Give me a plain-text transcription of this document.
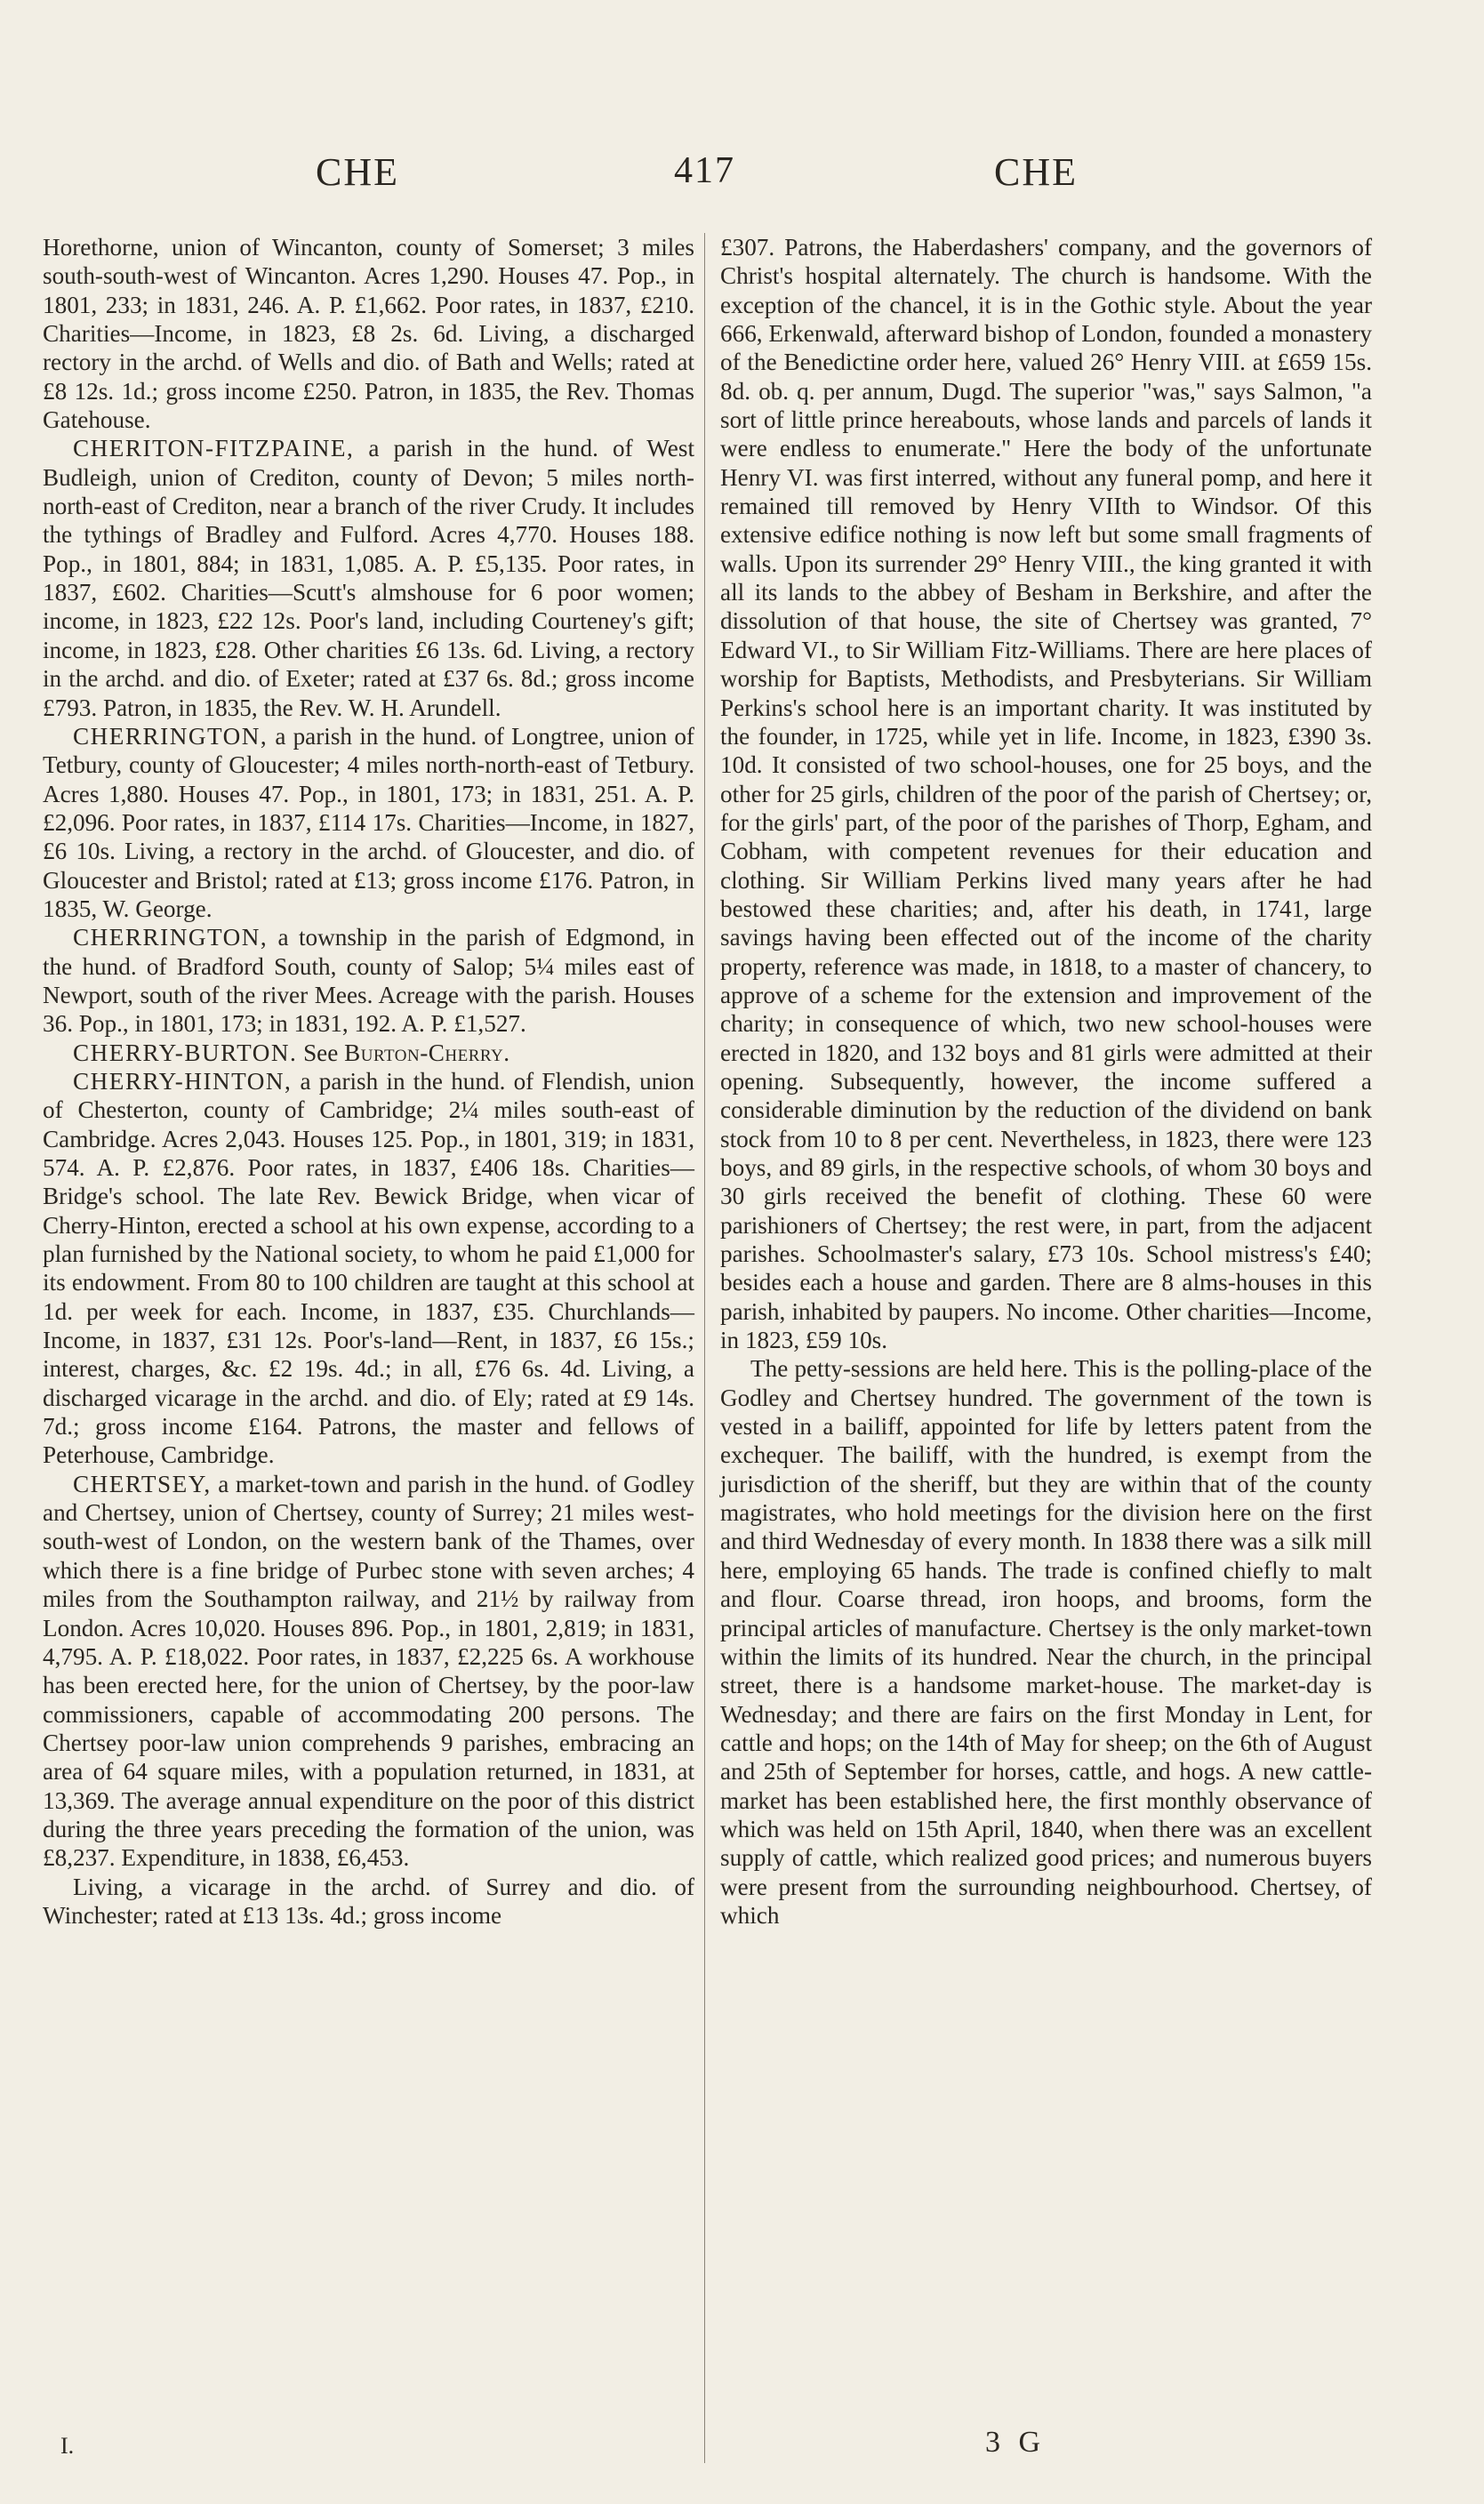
CHE	417	CHE

Horethorne, union of Wincanton, county of Somerset; 3 miles south-south-west of Wincanton. Acres 1,290. Houses 47. Pop., in 1801, 233; in 1831, 246. A. P. £1,662. Poor rates, in 1837, £210. Charities—Income, in 1823, £8 2s. 6d. Living, a discharged rectory in the archd. of Wells and dio. of Bath and Wells; rated at £8 12s. 1d.; gross income £250. Patron, in 1835, the Rev. Thomas Gatehouse.

CHERITON-FITZPAINE, a parish in the hund. of West Budleigh, union of Crediton, county of Devon; 5 miles north-north-east of Crediton, near a branch of the river Crudy. It includes the tythings of Bradley and Fulford. Acres 4,770. Houses 188. Pop., in 1801, 884; in 1831, 1,085. A. P. £5,135. Poor rates, in 1837, £602. Charities—Scutt's almshouse for 6 poor women; income, in 1823, £22 12s. Poor's land, including Courteney's gift; income, in 1823, £28. Other charities £6 13s. 6d. Living, a rectory in the archd. and dio. of Exeter; rated at £37 6s. 8d.; gross income £793. Patron, in 1835, the Rev. W. H. Arundell.

CHERRINGTON, a parish in the hund. of Longtree, union of Tetbury, county of Gloucester; 4 miles north-north-east of Tetbury. Acres 1,880. Houses 47. Pop., in 1801, 173; in 1831, 251. A. P. £2,096. Poor rates, in 1837, £114 17s. Charities—Income, in 1827, £6 10s. Living, a rectory in the archd. of Gloucester, and dio. of Gloucester and Bristol; rated at £13; gross income £176. Patron, in 1835, W. George.

CHERRINGTON, a township in the parish of Edgmond, in the hund. of Bradford South, county of Salop; 5¼ miles east of Newport, south of the river Mees. Acreage with the parish. Houses 36. Pop., in 1801, 173; in 1831, 192. A. P. £1,527.

CHERRY-BURTON. See Burton-Cherry.

CHERRY-HINTON, a parish in the hund. of Flendish, union of Chesterton, county of Cambridge; 2¼ miles south-east of Cambridge. Acres 2,043. Houses 125. Pop., in 1801, 319; in 1831, 574. A. P. £2,876. Poor rates, in 1837, £406 18s. Charities—Bridge's school. The late Rev. Bewick Bridge, when vicar of Cherry-Hinton, erected a school at his own expense, according to a plan furnished by the National society, to whom he paid £1,000 for its endowment. From 80 to 100 children are taught at this school at 1d. per week for each. Income, in 1837, £35. Churchlands—Income, in 1837, £31 12s. Poor's-land—Rent, in 1837, £6 15s.; interest, charges, &c. £2 19s. 4d.; in all, £76 6s. 4d. Living, a discharged vicarage in the archd. and dio. of Ely; rated at £9 14s. 7d.; gross income £164. Patrons, the master and fellows of Peterhouse, Cambridge.

CHERTSEY, a market-town and parish in the hund. of Godley and Chertsey, union of Chertsey, county of Surrey; 21 miles west-south-west of London, on the western bank of the Thames, over which there is a fine bridge of Purbec stone with seven arches; 4 miles from the Southampton railway, and 21½ by railway from London. Acres 10,020. Houses 896. Pop., in 1801, 2,819; in 1831, 4,795. A. P. £18,022. Poor rates, in 1837, £2,225 6s. A workhouse has been erected here, for the union of Chertsey, by the poor-law commissioners, capable of accommodating 200 persons. The Chertsey poor-law union comprehends 9 parishes, embracing an area of 64 square miles, with a population returned, in 1831, at 13,369. The average annual expenditure on the poor of this district during the three years preceding the formation of the union, was £8,237. Expenditure, in 1838, £6,453.

Living, a vicarage in the archd. of Surrey and dio. of Winchester; rated at £13 13s. 4d.; gross income

£307. Patrons, the Haberdashers' company, and the governors of Christ's hospital alternately. The church is handsome. With the exception of the chancel, it is in the Gothic style. About the year 666, Erkenwald, afterward bishop of London, founded a monastery of the Benedictine order here, valued 26° Henry VIII. at £659 15s. 8d. ob. q. per annum, Dugd. The superior "was," says Salmon, "a sort of little prince hereabouts, whose lands and parcels of lands it were endless to enumerate." Here the body of the unfortunate Henry VI. was first interred, without any funeral pomp, and here it remained till removed by Henry VIIth to Windsor. Of this extensive edifice nothing is now left but some small fragments of walls. Upon its surrender 29° Henry VIII., the king granted it with all its lands to the abbey of Besham in Berkshire, and after the dissolution of that house, the site of Chertsey was granted, 7° Edward VI., to Sir William Fitz-Williams. There are here places of worship for Baptists, Methodists, and Presbyterians. Sir William Perkins's school here is an important charity. It was instituted by the founder, in 1725, while yet in life. Income, in 1823, £390 3s. 10d. It consisted of two school-houses, one for 25 boys, and the other for 25 girls, children of the poor of the parish of Chertsey; or, for the girls' part, of the poor of the parishes of Thorp, Egham, and Cobham, with competent revenues for their education and clothing. Sir William Perkins lived many years after he had bestowed these charities; and, after his death, in 1741, large savings having been effected out of the income of the charity property, reference was made, in 1818, to a master of chancery, to approve of a scheme for the extension and improvement of the charity; in consequence of which, two new school-houses were erected in 1820, and 132 boys and 81 girls were admitted at their opening. Subsequently, however, the income suffered a considerable diminution by the reduction of the dividend on bank stock from 10 to 8 per cent. Nevertheless, in 1823, there were 123 boys, and 89 girls, in the respective schools, of whom 30 boys and 30 girls received the benefit of clothing. These 60 were parishioners of Chertsey; the rest were, in part, from the adjacent parishes. Schoolmaster's salary, £73 10s. School mistress's £40; besides each a house and garden. There are 8 alms-houses in this parish, inhabited by paupers. No income. Other charities—Income, in 1823, £59 10s.

The petty-sessions are held here. This is the polling-place of the Godley and Chertsey hundred. The government of the town is vested in a bailiff, appointed for life by letters patent from the exchequer. The bailiff, with the hundred, is exempt from the jurisdiction of the sheriff, but they are within that of the county magistrates, who hold meetings for the division here on the first and third Wednesday of every month. In 1838 there was a silk mill here, employing 65 hands. The trade is confined chiefly to malt and flour. Coarse thread, iron hoops, and brooms, form the principal articles of manufacture. Chertsey is the only market-town within the limits of its hundred. Near the church, in the principal street, there is a handsome market-house. The market-day is Wednesday; and there are fairs on the first Monday in Lent, for cattle and hops; on the 14th of May for sheep; on the 6th of August and 25th of September for horses, cattle, and hogs. A new cattle-market has been established here, the first monthly observance of which was held on 15th April, 1840, when there was an excellent supply of cattle, which realized good prices; and numerous buyers were present from the surrounding neighbourhood. Chertsey, of which

I.	3 G
